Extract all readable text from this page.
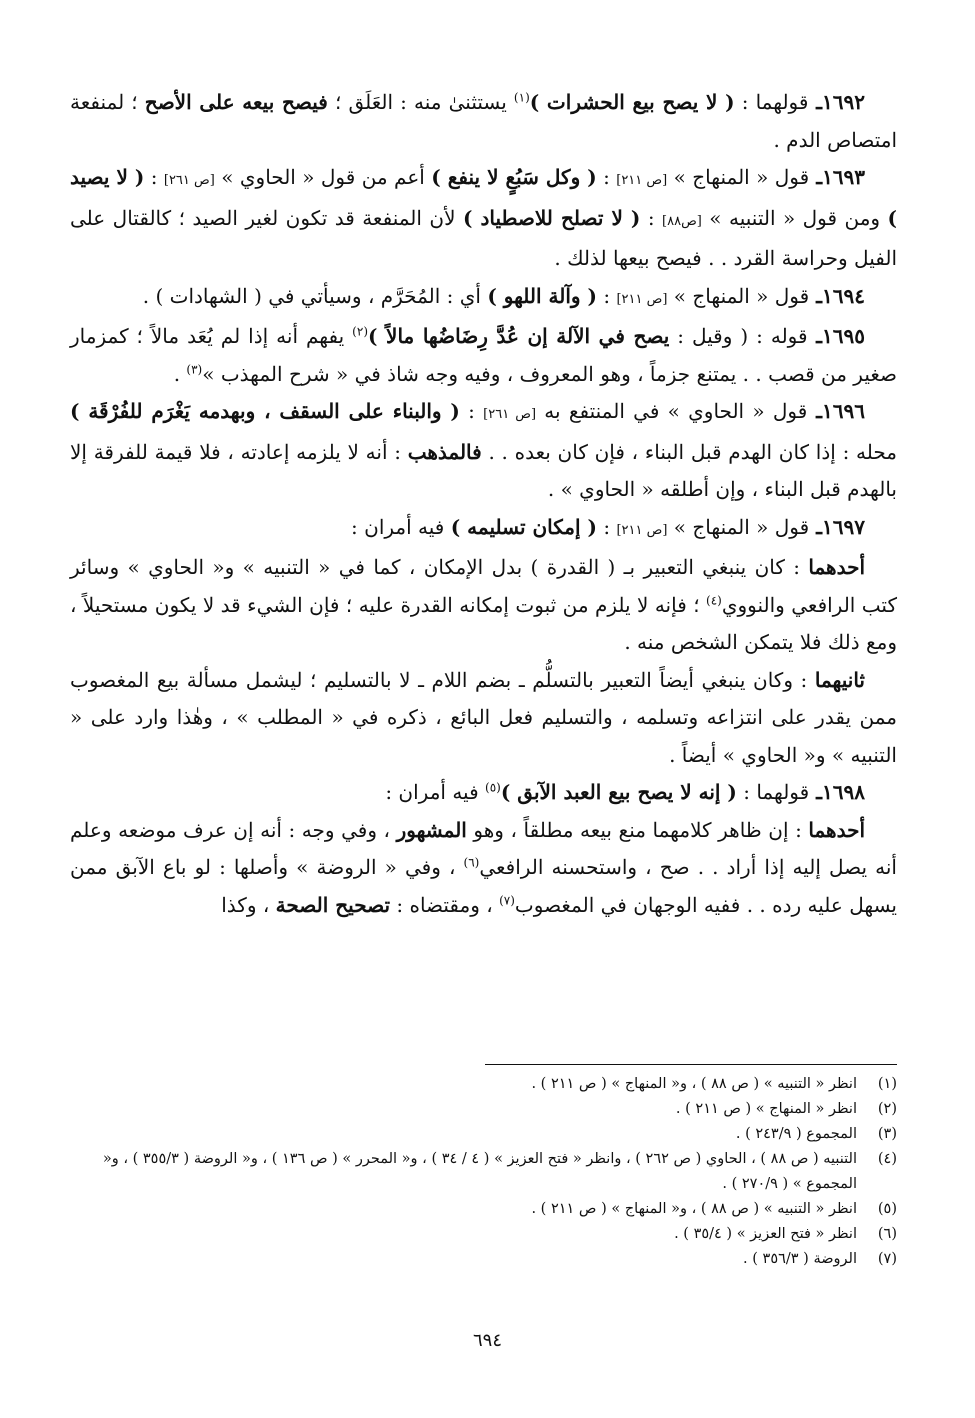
١٦٩٢ـ قولهما : ( لا يصح بيع الحشرات )$^{(١)}$ يستثنىٰ منه : العَلَق ؛ فيصح بيعه على الأصح ؛ لمنفعة امتصاص الدم .

١٦٩٣ـ قول « المنهاج » [ص ٢١١] : ( وكل سَبُعٍ لا ينفع ) أعم من قول « الحاوي » [ص ٢٦١] : ( لا يصيد ) ومن قول « التنبيه » [ص٨٨] : ( لا تصلح للاصطياد ) لأن المنفعة قد تكون لغير الصيد ؛ كالقتال على الفيل وحراسة القرد . . فيصح بيعها لذلك .

١٦٩٤ـ قول « المنهاج » [ص ٢١١] : ( وآلة اللهو ) أي : المُحَرَّم ، وسيأتي في ( الشهادات ) .

١٦٩٥ـ قوله : ( وقيل : يصح في الآلة إن عُدَّ رِضَاضُها مالاً )$^{(٢)}$ يفهم أنه إذا لم يُعَد مالاً ؛ كمزمار صغير من قصب . . يمتنع جزماً ، وهو المعروف ، وفيه وجه شاذ في « شرح المهذب »$^{(٣)}$ .

١٦٩٦ـ قول « الحاوي » في المنتفع به [ص ٢٦١] : ( والبناء على السقف ، وبهدمه يَغْرَم للفُرْقَة ) محله : إذا كان الهدم قبل البناء ، فإن كان بعده . . فالمذهب : أنه لا يلزمه إعادته ، فلا قيمة للفرقة إلا بالهدم قبل البناء ، وإن أطلقه « الحاوي » .

١٦٩٧ـ قول « المنهاج » [ص ٢١١] : ( إمكان تسليمه ) فيه أمران :

أحدهما : كان ينبغي التعبير بـ ( القدرة ) بدل الإمكان ، كما في « التنبيه » و« الحاوي » وسائر كتب الرافعي والنووي$^{(٤)}$ ؛ فإنه لا يلزم من ثبوت إمكانه القدرة عليه ؛ فإن الشيء قد لا يكون مستحيلاً ، ومع ذلك فلا يتمكن الشخص منه .

ثانيهما : وكان ينبغي أيضاً التعبير بالتسلُّم ـ بضم اللام ـ لا بالتسليم ؛ ليشمل مسألة بيع المغصوب ممن يقدر على انتزاعه وتسلمه ، والتسليم فعل البائع ، ذكره في « المطلب » ، وهٰذا وارد على « التنبيه » و« الحاوي » أيضاً .

١٦٩٨ـ قولهما : ( إنه لا يصح بيع العبد الآبق )$^{(٥)}$ فيه أمران :

أحدهما : إن ظاهر كلامهما منع بيعه مطلقاً ، وهو المشهور ، وفي وجه : أنه إن عرف موضعه وعلم أنه يصل إليه إذا أراد . . صح ، واستحسنه الرافعي$^{(٦)}$ ، وفي « الروضة » وأصلها : لو باع الآبق ممن يسهل عليه رده . . ففيه الوجهان في المغصوب$^{(٧)}$ ، ومقتضاه : تصحيح الصحة ، وكذا

(١)
انظر « التنبيه » ( ص ٨٨ ) ، و« المنهاج » ( ص ٢١١ ) .
(٢)
انظر « المنهاج » ( ص ٢١١ ) .
(٣)
المجموع ( ٢٤٣/٩ ) .
(٤)
التنبيه ( ص ٨٨ ) ، الحاوي ( ص ٢٦٢ ) ، وانظر « فتح العزيز » ( ٤ / ٣٤ ) ، و« المحرر » ( ص ١٣٦ ) ، و« الروضة ( ٣٥٥/٣ ) ، و« المجموع » ( ٢٧٠/٩ ) .
(٥)
انظر « التنبيه » ( ص ٨٨ ) ، و« المنهاج » ( ص ٢١١ ) .
(٦)
انظر « فتح العزيز » ( ٣٥/٤ ) .
(٧)
الروضة ( ٣٥٦/٣ ) .
٦٩٤
